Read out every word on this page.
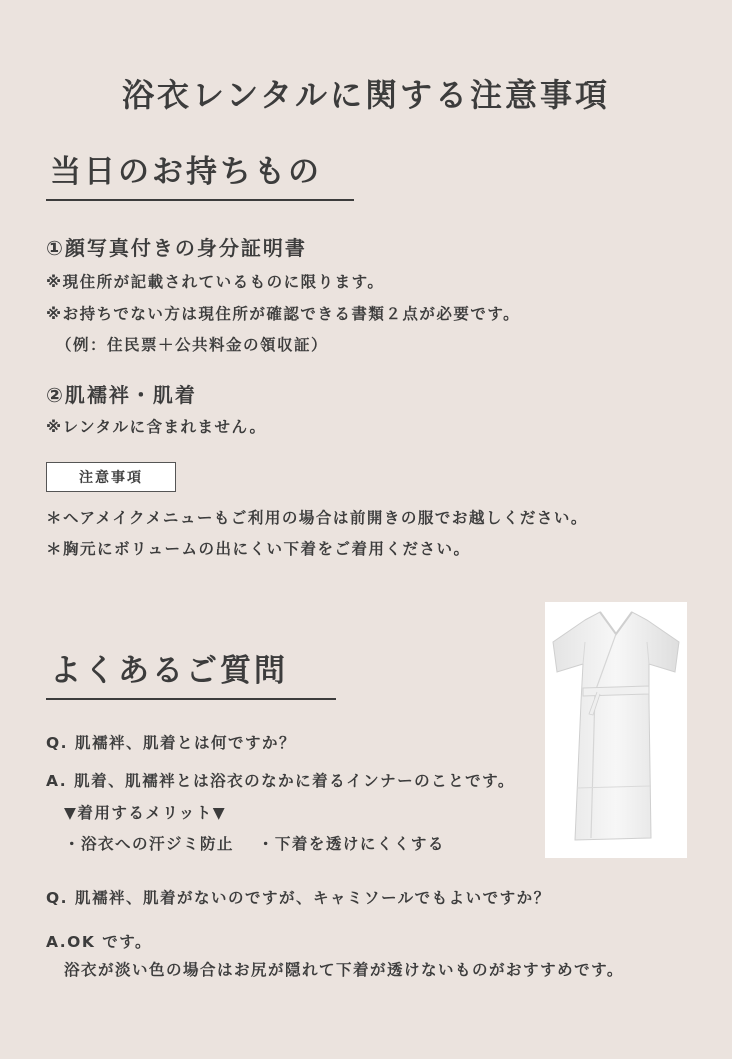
浴衣レンタルに関する注意事項
当日のお持ちもの
①顔写真付きの身分証明書
※現住所が記載されているものに限ります。
※お持ちでない方は現住所が確認できる書類２点が必要です。
（例：住民票＋公共料金の領収証）
②肌襦袢・肌着
※レンタルに含まれません。
注意事項
＊ヘアメイクメニューもご利用の場合は前開きの服でお越しください。
＊胸元にボリュームの出にくい下着をご着用ください。
よくあるご質問
Q. 肌襦袢、肌着とは何ですか？
A. 肌着、肌襦袢とは浴衣のなかに着るインナーのことです。
▼着用するメリット▼
・浴衣への汗ジミ防止　 ・下着を透けにくくする
Q. 肌襦袢、肌着がないのですが、キャミソールでもよいですか？
A.OK です。
浴衣が淡い色の場合はお尻が隠れて下着が透けないものがおすすめです。
